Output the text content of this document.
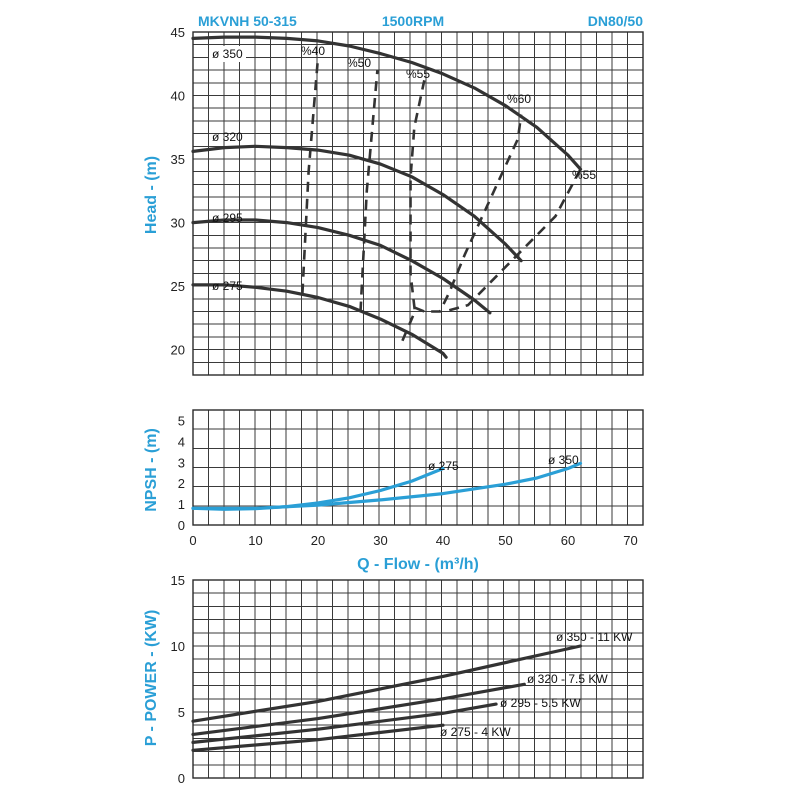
MKVNH 50-315	1500RPM	DN80/50
20
25
30
35
40
45
ø 350
ø 320
ø 295
ø 275
%40
%50
%55
%60
%55
0
1
2
3
4
5
0	10	20	30	40	50	60	70
ø 275	ø 350
0
5
10
15
ø 350 - 11 KW
ø 320 - 7.5 KW
ø 295 - 5.5 KW
ø 275 - 4 KW
Head - (m)
NPSH - (m)
Q - Flow - (m³/h)
P - POWER - (KW)
